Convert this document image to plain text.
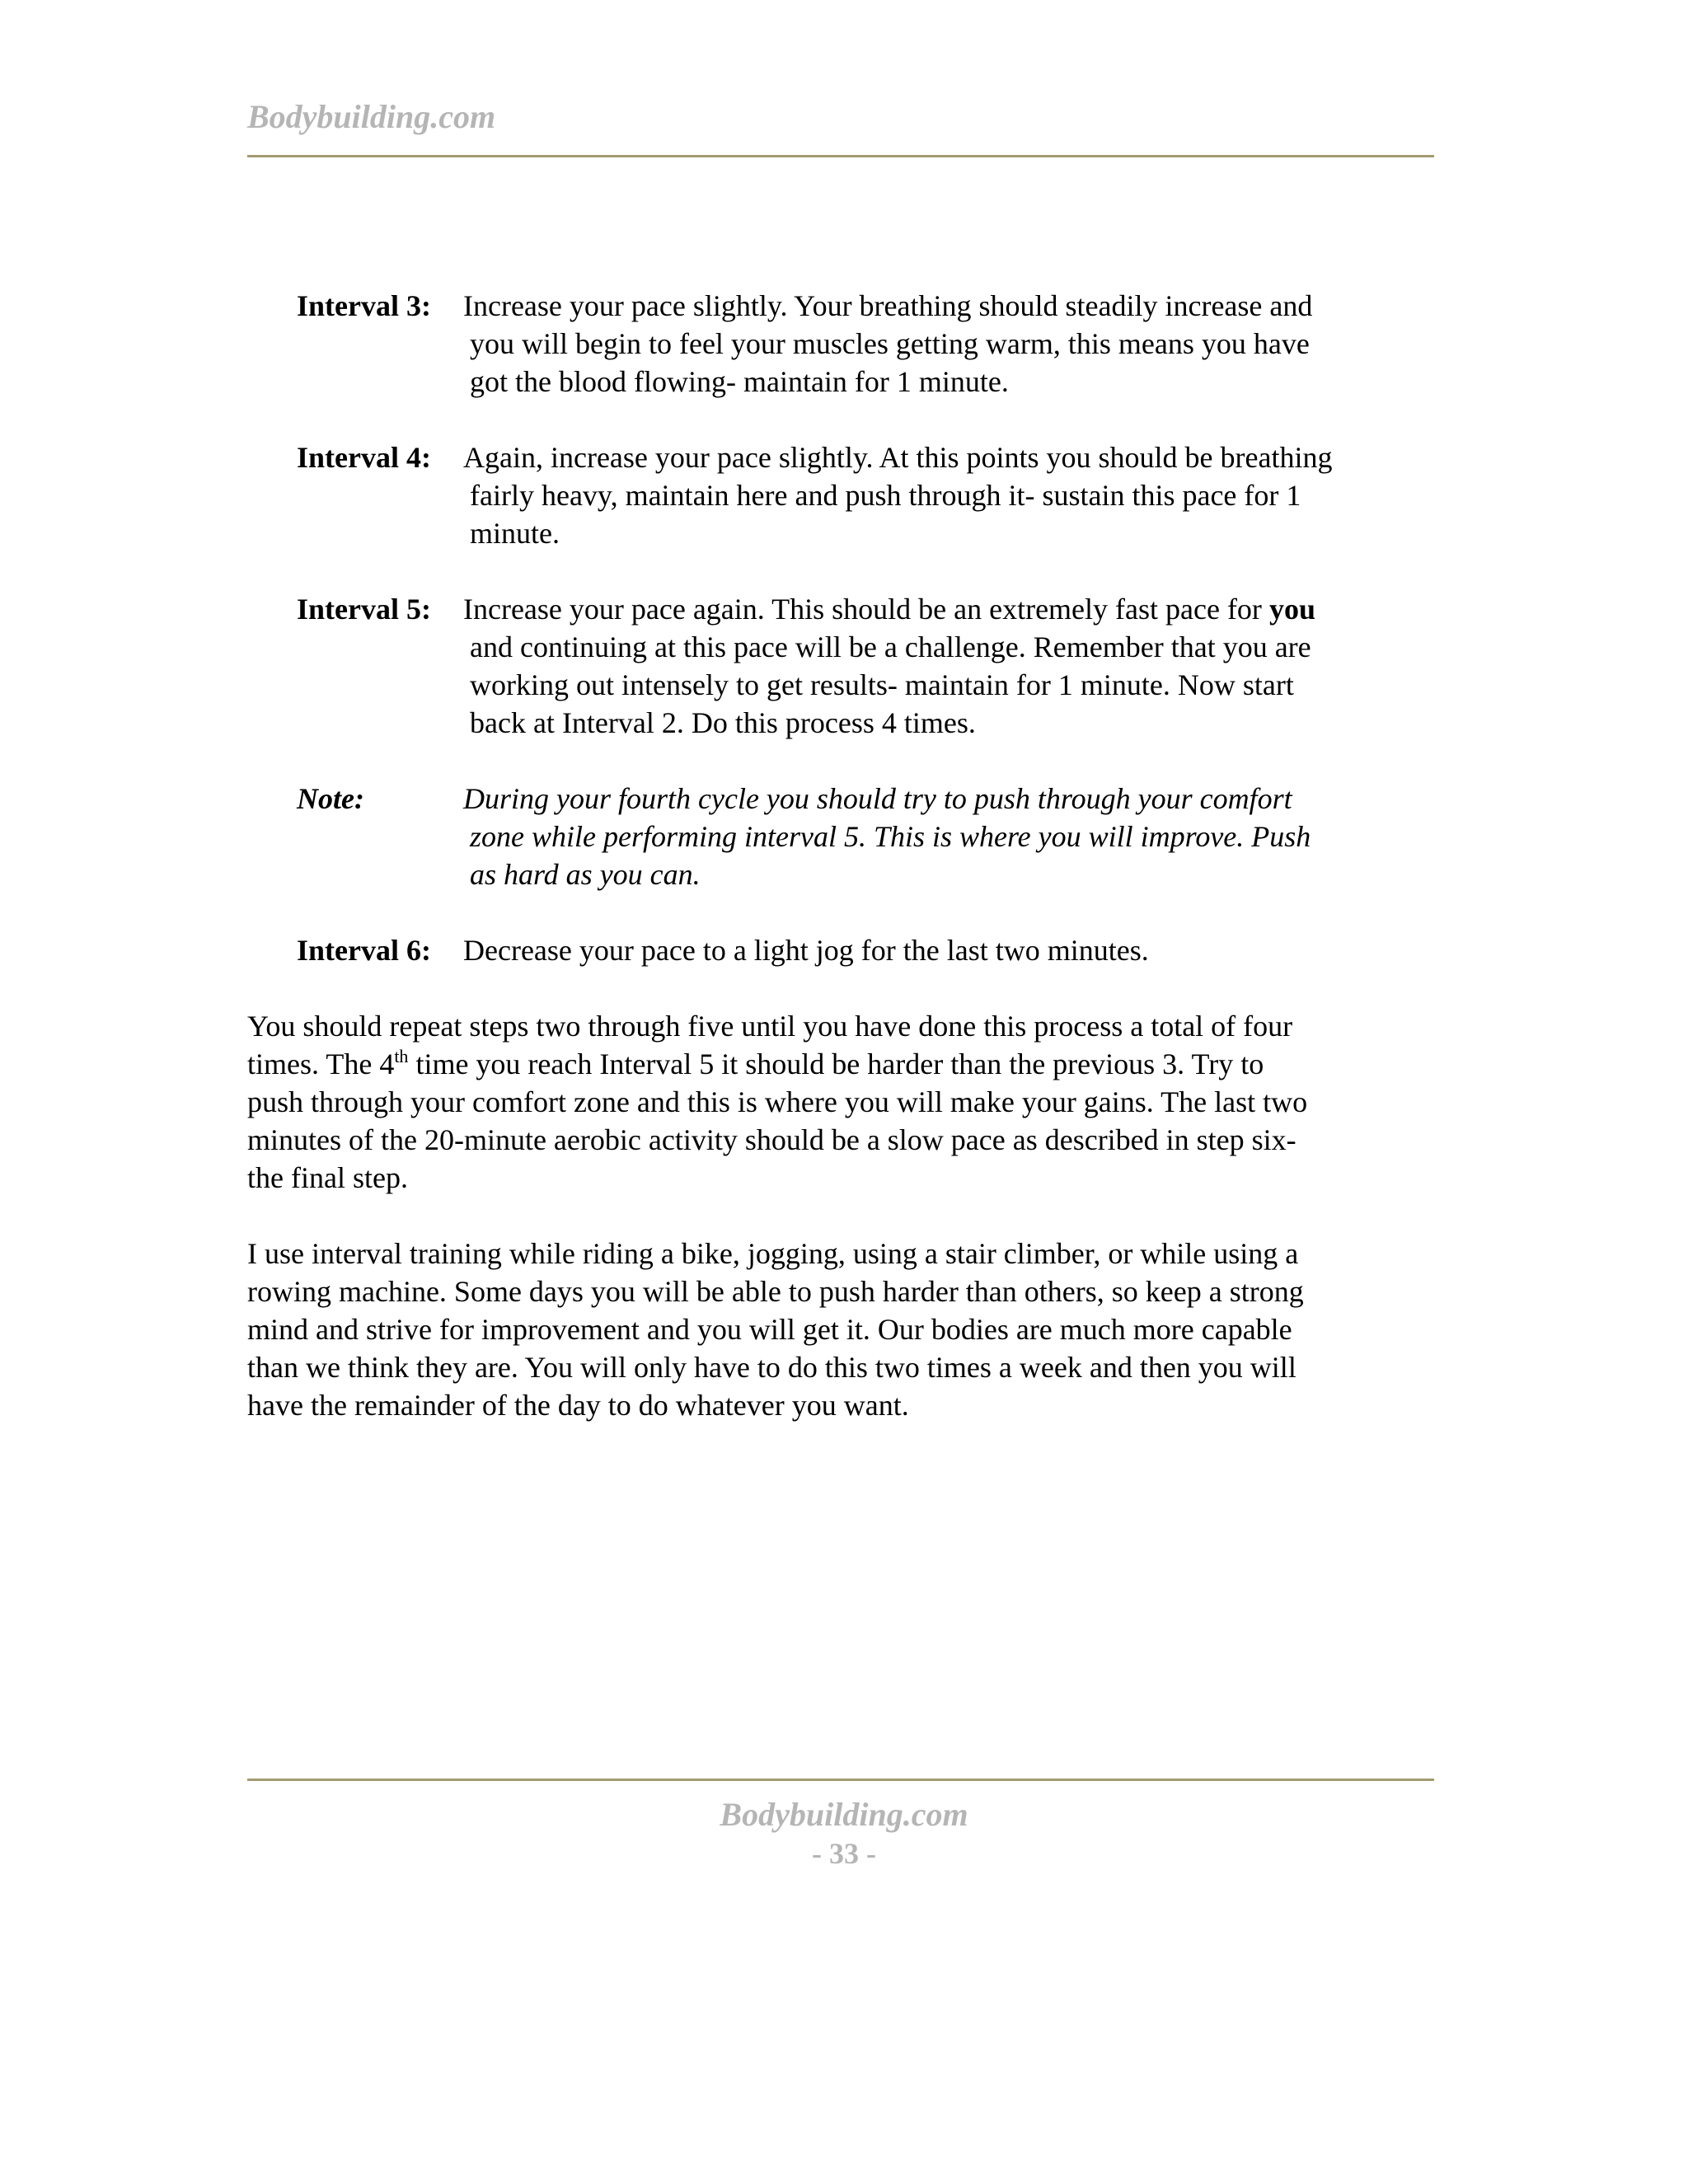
Bodybuilding.com
Interval 3: Increase your pace slightly. Your breathing should steadily increase and
you will begin to feel your muscles getting warm, this means you have
got the blood flowing- maintain for 1 minute.
Interval 4: Again, increase your pace slightly. At this points you should be breathing
fairly heavy, maintain here and push through it- sustain this pace for 1
minute.
Interval 5: Increase your pace again. This should be an extremely fast pace for you
and continuing at this pace will be a challenge. Remember that you are
working out intensely to get results- maintain for 1 minute. Now start
back at Interval 2. Do this process 4 times.
Note:	During your fourth cycle you should try to push through your comfort
zone while performing interval 5. This is where you will improve. Push
as hard as you can.
Interval 6: Decrease your pace to a light jog for the last two minutes.
You should repeat steps two through five until you have done this process a total of four
times. The 4th time you reach Interval 5 it should be harder than the previous 3. Try to
push through your comfort zone and this is where you will make your gains. The last two
minutes of the 20-minute aerobic activity should be a slow pace as described in step six-
the final step.
I use interval training while riding a bike, jogging, using a stair climber, or while using a
rowing machine. Some days you will be able to push harder than others, so keep a strong
mind and strive for improvement and you will get it. Our bodies are much more capable
than we think they are. You will only have to do this two times a week and then you will
have the remainder of the day to do whatever you want.
Bodybuilding.com
- 33 -
